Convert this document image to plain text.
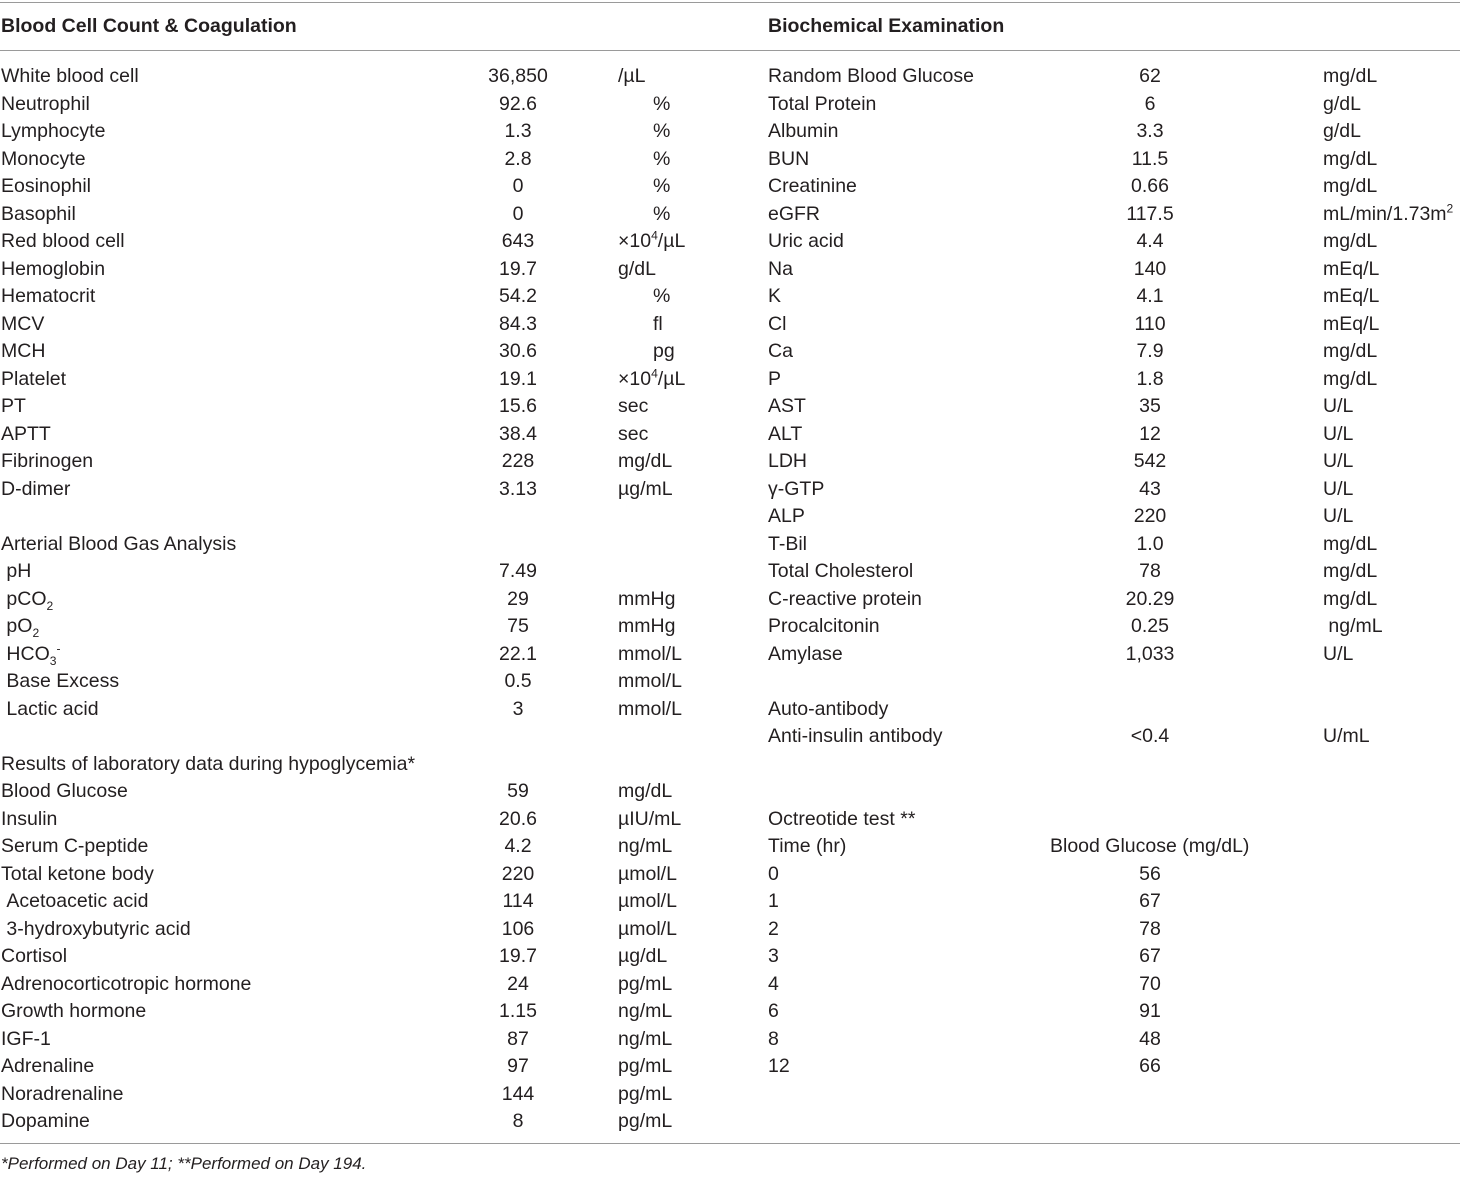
Blood Cell Count & Coagulation	Biochemical Examination
White blood cell	36,850	/µL
Neutrophil	92.6	%
Lymphocyte	1.3	%
Monocyte	2.8	%
Eosinophil	0	%
Basophil	0	%
Red blood cell	643	$\times 10^4/\mu L$
Hemoglobin	19.7	g/dL
Hematocrit	54.2	%
MCV	84.3	fl
MCH	30.6	pg
Platelet	19.1	$\times 10^4/\mu L$
PT	15.6	sec
APTT	38.4	sec
Fibrinogen	228	mg/dL
D-dimer	3.13	µg/mL
Arterial Blood Gas Analysis
pH	7.49
pCO$_2$	29	mmHg
$pO_2$	75	mmHg
$HCO_3^-$	22.1	mmol/L
Base Excess	0.5	mmol/L
Lactic acid	3	mmol/L
Results of laboratory data during hypoglycemia*
Blood Glucose	59	mg/dL
Insulin	20.6	µIU/mL
Serum C-peptide	4.2	ng/mL
Total ketone body	220	µmol/L
Acetoacetic acid	114	µmol/L
3-hydroxybutyric acid	106	µmol/L
Cortisol	19.7	µg/dL
Adrenocorticotropic hormone	24	pg/mL
Growth hormone	1.15	ng/mL
IGF-1	87	ng/mL
Adrenaline	97	pg/mL
Noradrenaline	144	pg/mL
Dopamine	8	pg/mL
Random Blood Glucose	62	mg/dL
Total Protein	6	g/dL
Albumin	3.3	g/dL
BUN	11.5	mg/dL
Creatinine	0.66	mg/dL
eGFR	117.5	$mL/\min/1.73m^2$
Uric acid	4.4	mg/dL
Na	140	mEq/L
K	4.1	mEq/L
Cl	110	mEq/L
Ca	7.9	mg/dL
P	1.8	mg/dL
AST	35	U/L
ALT	12	U/L
LDH	542	U/L
γ-GTP	43	U/L
ALP	220	U/L
T-Bil	1.0	mg/dL
Total Cholesterol	78	mg/dL
C-reactive protein	20.29	mg/dL
Procalcitonin	0.25	ng/mL
Amylase	1,033	U/L
Auto-antibody
Anti-insulin antibody	<0.4	U/mL
Octreotide test **
Time (hr)	Blood Glucose (mg/dL)
0	56
1	67
2	78
3	67
4	70
6	91
8	48
12	66
*Performed on Day 11; **Performed on Day 194.
